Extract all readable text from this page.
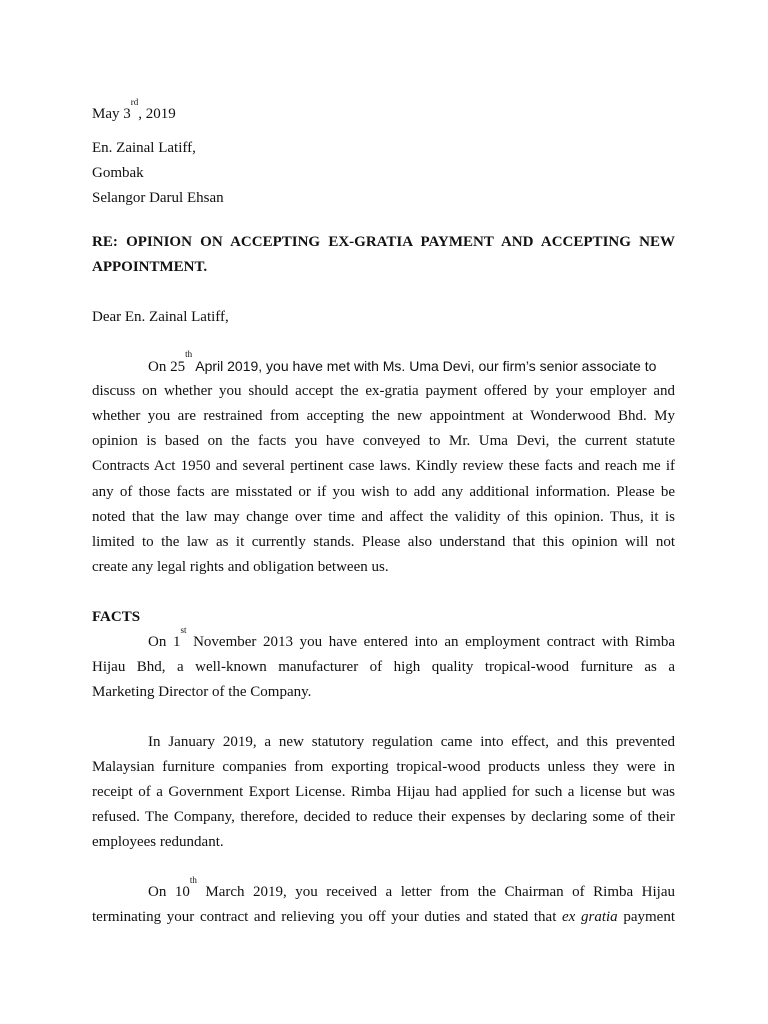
May 3rd, 2019
En. Zainal Latiff,
Gombak
Selangor Darul Ehsan
RE: OPINION ON ACCEPTING EX-GRATIA PAYMENT AND ACCEPTING NEW
APPOINTMENT.
Dear En. Zainal Latiff,
On 25th April 2019, you have met with Ms. Uma Devi, our firm’s senior associate to
discuss on whether you should accept the ex-gratia payment offered by your employer and
whether you are restrained from accepting the new appointment at Wonderwood Bhd. My
opinion is based on the facts you have conveyed to Mr. Uma Devi, the current statute
Contracts Act 1950 and several pertinent case laws. Kindly review these facts and reach me if
any of those facts are misstated or if you wish to add any additional information. Please be
noted that the law may change over time and affect the validity of this opinion. Thus, it is
limited to the law as it currently stands. Please also understand that this opinion will not
create any legal rights and obligation between us.
FACTS
On 1st November 2013 you have entered into an employment contract with Rimba
Hijau Bhd, a well-known manufacturer of high quality tropical-wood furniture as a
Marketing Director of the Company.
In January 2019, a new statutory regulation came into effect, and this prevented
Malaysian furniture companies from exporting tropical-wood products unless they were in
receipt of a Government Export License. Rimba Hijau had applied for such a license but was
refused. The Company, therefore, decided to reduce their expenses by declaring some of their
employees redundant.
On 10th March 2019, you received a letter from the Chairman of Rimba Hijau
terminating your contract and relieving you off your duties and stated that ex gratia payment
